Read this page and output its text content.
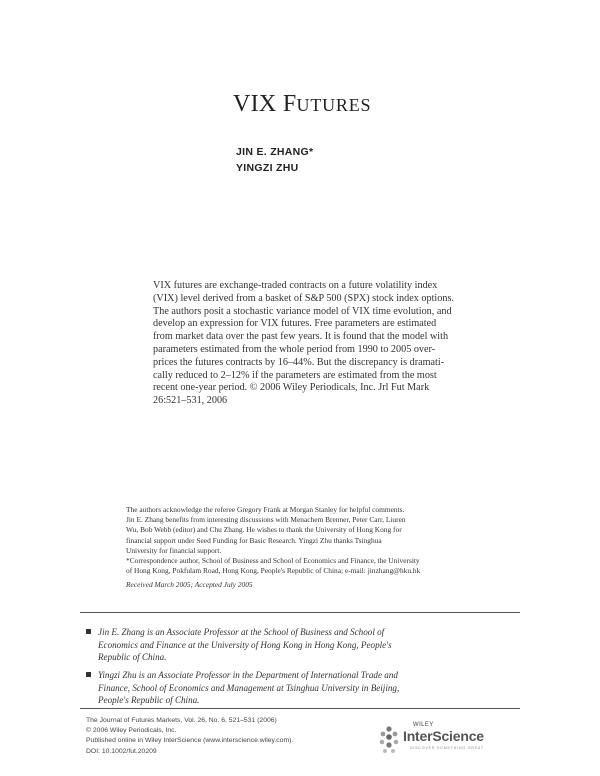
VIX FUTURES
JIN E. ZHANG*
YINGZI ZHU
VIX futures are exchange-traded contracts on a future volatility index
(VIX) level derived from a basket of S&P 500 (SPX) stock index options.
The authors posit a stochastic variance model of VIX time evolution, and
develop an expression for VIX futures. Free parameters are estimated
from market data over the past few years. It is found that the model with
parameters estimated from the whole period from 1990 to 2005 over-
prices the futures contracts by 16–44%. But the discrepancy is dramati-
cally reduced to 2–12% if the parameters are estimated from the most
recent one-year period. © 2006 Wiley Periodicals, Inc. Jrl Fut Mark
26:521–531, 2006
The authors acknowledge the referee Gregory Frank at Morgan Stanley for helpful comments.
Jin E. Zhang benefits from interesting discussions with Menachem Brenner, Peter Carr, Liuren
Wu, Bob Webb (editor) and Chu Zhang. He wishes to thank the University of Hong Kong for
financial support under Seed Funding for Basic Research. Yingzi Zhu thanks Tsinghua
University for financial support.
*Correspondence author, School of Business and School of Economics and Finance, the University
of Hong Kong, Pokfulam Road, Hong Kong, People's Republic of China; e-mail: jinzhang@hku.hk
Received March 2005; Accepted July 2005
Jin E. Zhang is an Associate Professor at the School of Business and School of
Economics and Finance at the University of Hong Kong in Hong Kong, People's
Republic of China.
Yingzi Zhu is an Associate Professor in the Department of International Trade and
Finance, School of Economics and Management at Tsinghua University in Beijing,
People's Republic of China.
The Journal of Futures Markets, Vol. 26, No. 6, 521–531 (2006)
© 2006 Wiley Periodicals, Inc.
Published online in Wiley InterScience (www.interscience.wiley.com).
DOI: 10.1002/fut.20209
WILEY
InterScience
DISCOVER SOMETHING GREAT
